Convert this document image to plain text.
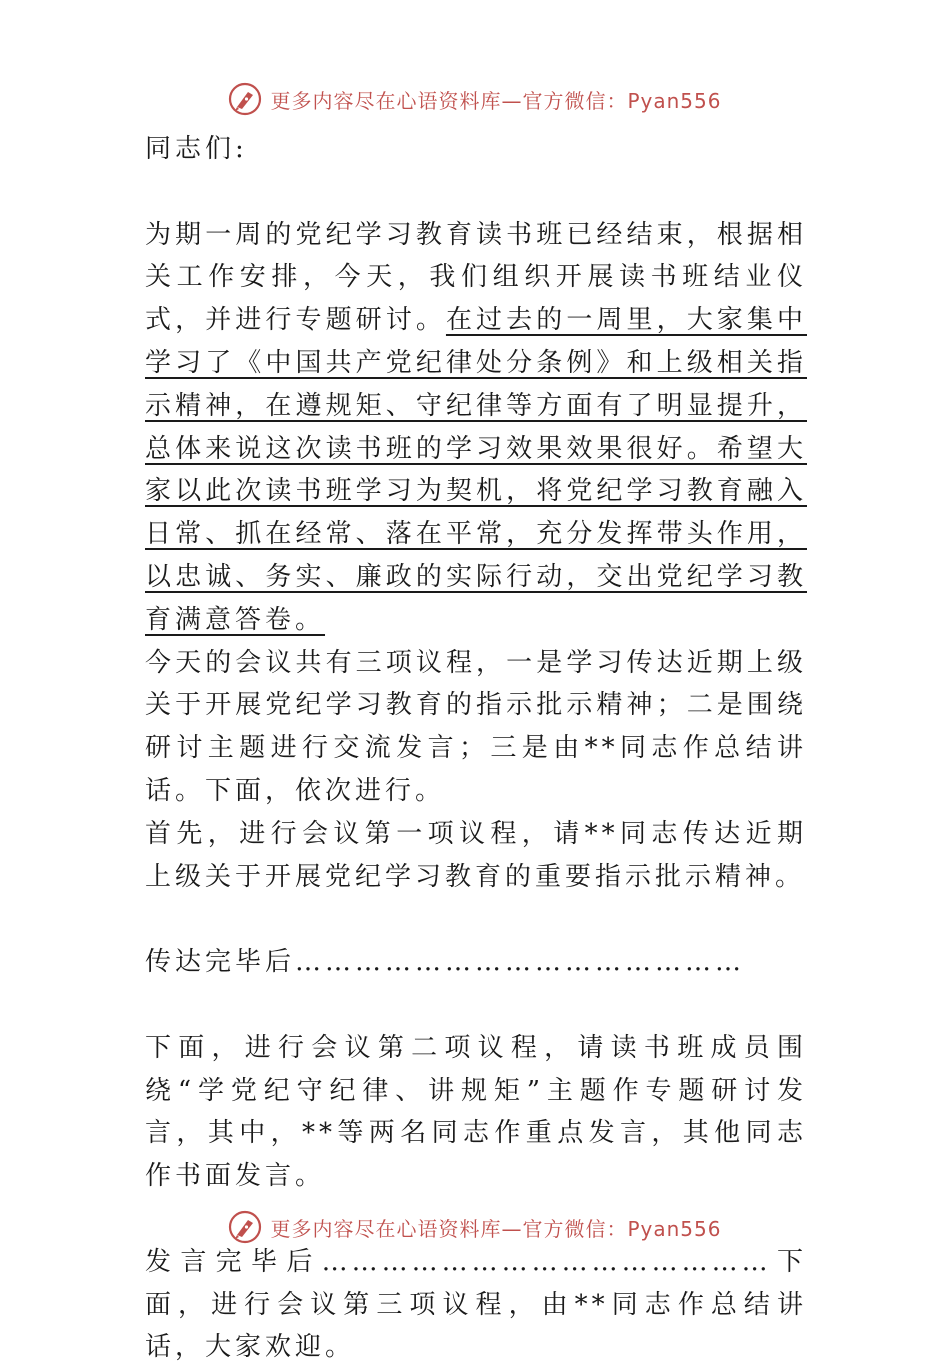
更多内容尽在心语资料库—官方微信：Pyan556

同志们:

为期一周的党纪学习教育读书班已经结束，根据相关工作安排，今天，我们组织开展读书班结业仪式，并进行专题研讨。在过去的一周里，大家集中学习了《中国共产党纪律处分条例》和上级相关指示精神，在遵规矩、守纪律等方面有了明显提升，总体来说这次读书班的学习效果效果很好。希望大家以此次读书班学习为契机，将党纪学习教育融入日常、抓在经常、落在平常，充分发挥带头作用，以忠诚、务实、廉政的实际行动，交出党纪学习教育满意答卷。

今天的会议共有三项议程，一是学习传达近期上级关于开展党纪学习教育的指示批示精神；二是围绕研讨主题进行交流发言；三是由**同志作总结讲话。下面，依次进行。

首先，进行会议第一项议程，请**同志传达近期上级关于开展党纪学习教育的重要指示批示精神。

传达完毕后………………………………………

下面，进行会议第二项议程，请读书班成员围绕“学党纪守纪律、讲规矩”主题作专题研讨发言，其中，**等两名同志作重点发言，其他同志作书面发言。

发言完毕后………………………………………下面，进行会议第三项议程，由**同志作总结讲话，大家欢迎。

更多内容尽在心语资料库—官方微信：Pyan556
